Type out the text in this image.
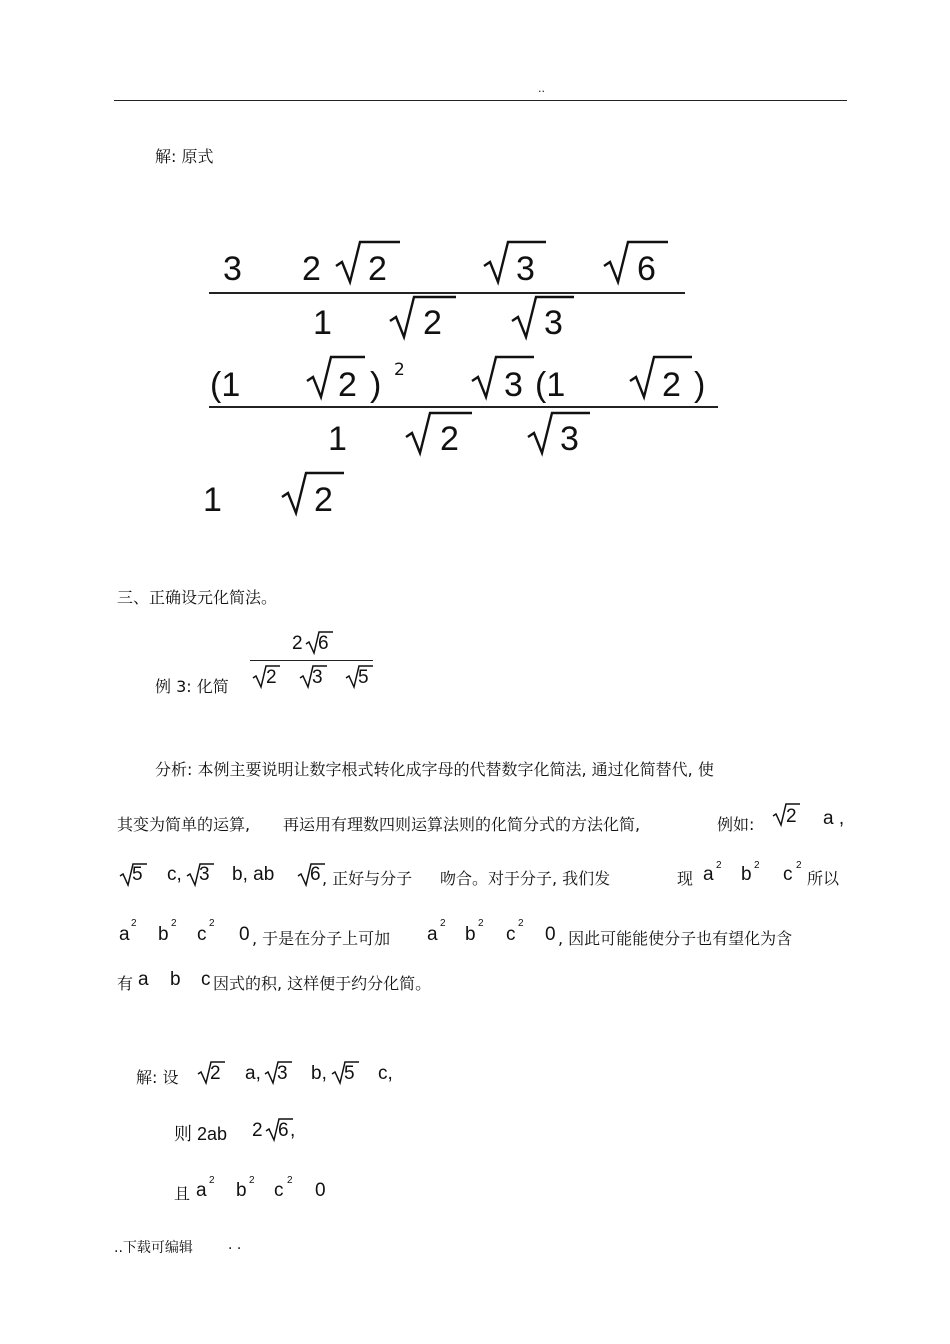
..
解: 原式
3 2 2	3	6
1	2	3
(1	2 ) 2	3 (1	2 )
1	2	3
1	2
三、正确设元化简法。
2 6
例 3: 化简 2 3 5
分析: 本例主要说明让数字根式转化成字母的代替数字化简法, 通过化简替代, 使
其变为简单的运算, 再运用有理数四则运算法则的化简分式的方法化简,	例如: 2 a ,
5 c, 3 b, ab 6 , 正好与分子 吻合。对于分子, 我们发	现 a 2 b 2 c 2
所以
a
2
b
2
c
2
0 , 于是在分子上可加 a
2
b
2
c
2
0 , 因此可能能使分子也有望化为含
有 a b c 因式的积, 这样便于约分化简。
解: 设 2 a, 3 b, 5 c,
则 2ab 2 6 ,
且 a 2 b 2 c 2 0
..下载可编辑	. .
